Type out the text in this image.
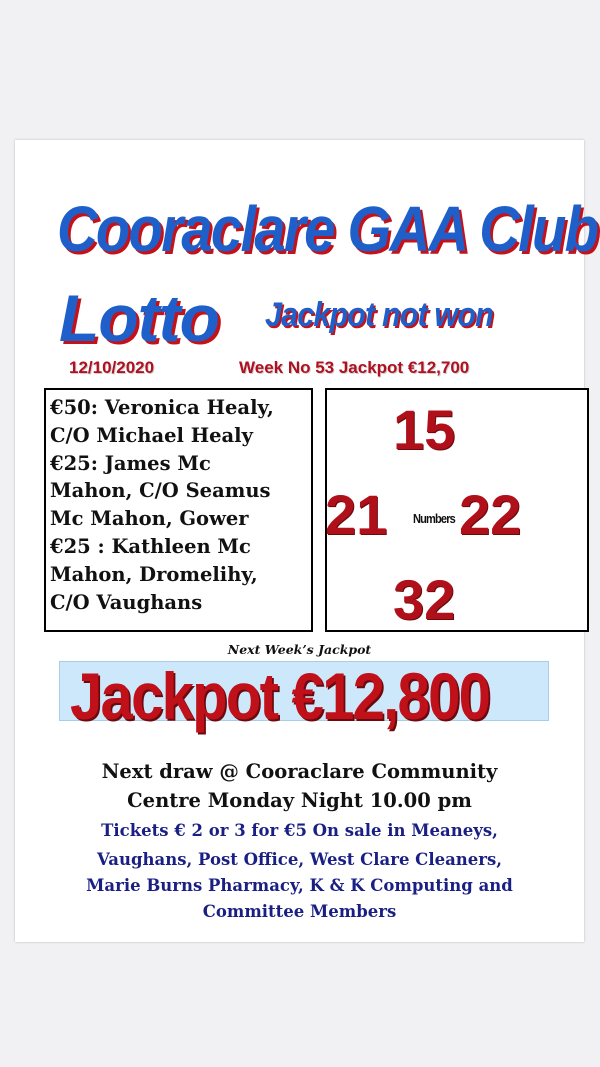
Cooraclare GAA Club
Lotto Jackpot not won
12/10/2020	Week No 53 Jackpot €12,700
€50: Veronica Healy,
C/O Michael Healy
€25: James Mc
Mahon, C/O Seamus
Mc Mahon, Gower
€25 : Kathleen Mc
Mahon, Dromelihy,
C/O Vaughans
15
21 Numbers 22
32
Next Week’s Jackpot
Jackpot €12,800
Next draw @ Cooraclare Community
Centre Monday Night 10.00 pm
Tickets € 2 or 3 for €5 On sale in Meaneys,
Vaughans, Post Office, West Clare Cleaners,
Marie Burns Pharmacy, K & K Computing and
Committee Members
